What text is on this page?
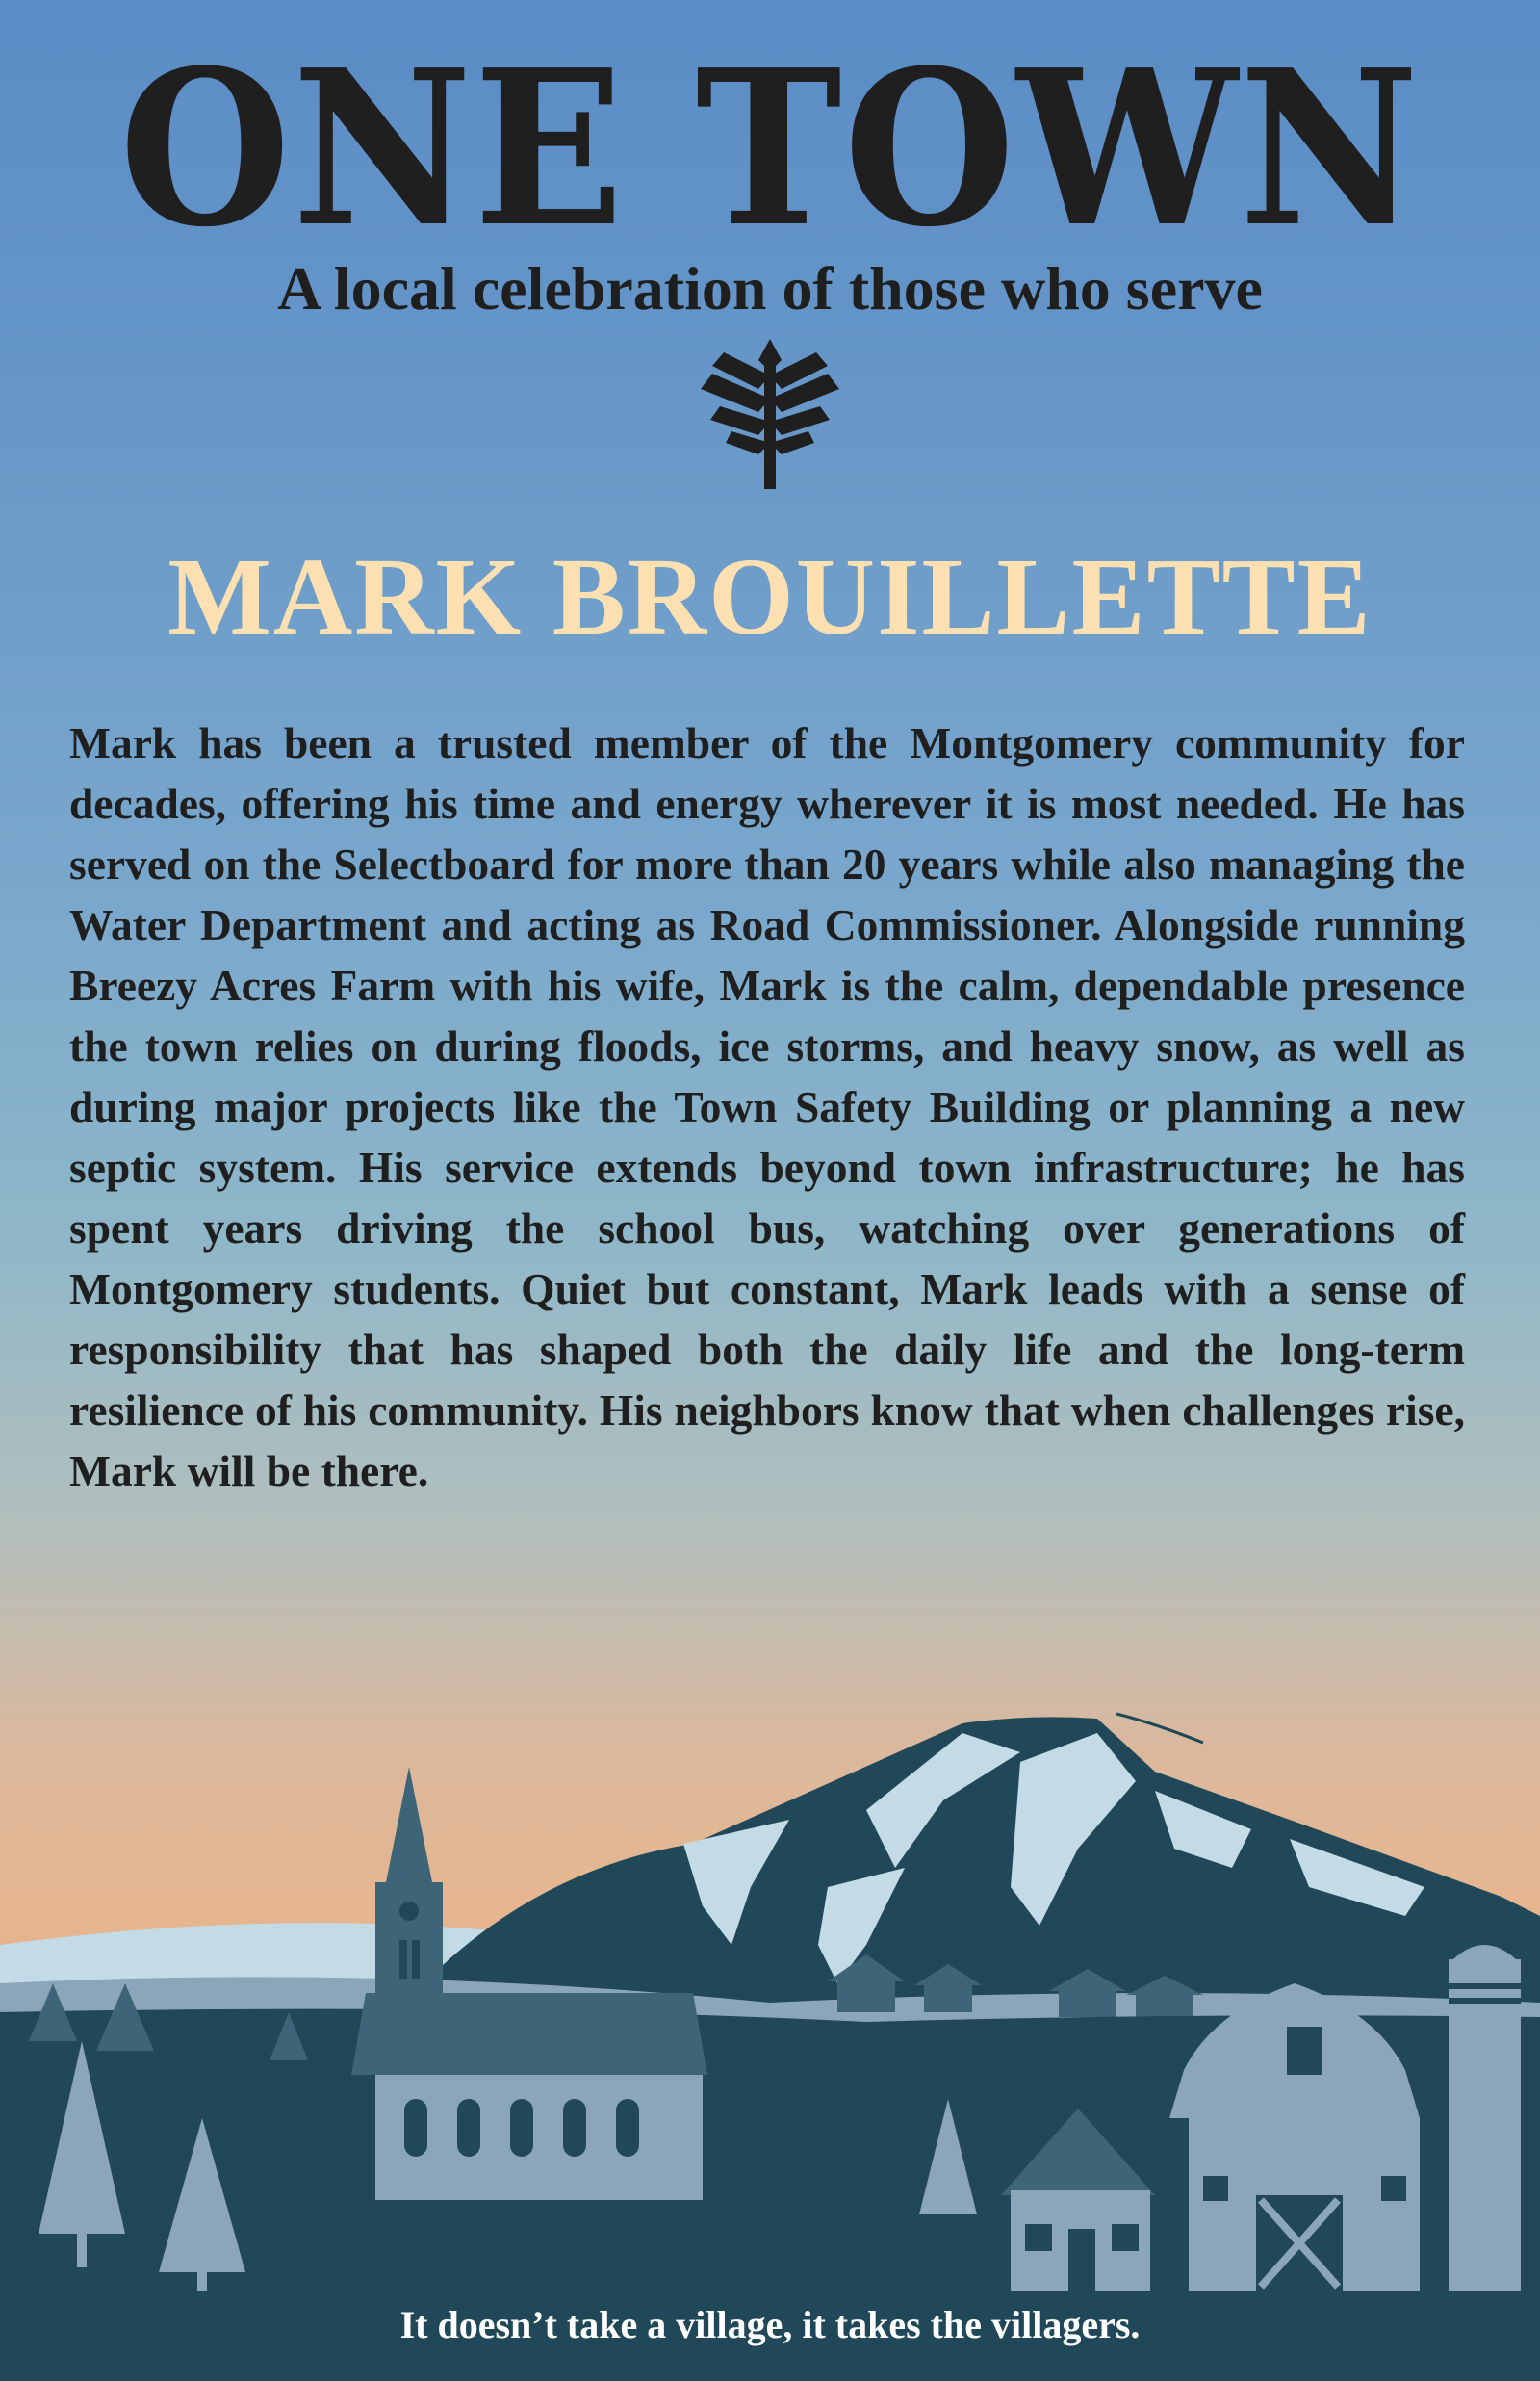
ONE TOWN
A local celebration of those who serve
MARK BROUILLETTE
Mark has been a trusted member of the Montgomery community for decades, offering his time and energy wherever it is most needed. He has served on the Selectboard for more than 20 years while also managing the Water Department and acting as Road Commissioner. Alongside running Breezy Acres Farm with his wife, Mark is the calm, dependable presence the town relies on during floods, ice storms, and heavy snow, as well as during major projects like the Town Safety Building or planning a new septic system. His service extends beyond town infrastructure; he has spent years driving the school bus, watching over generations of Montgomery students. Quiet but constant, Mark leads with a sense of responsibility that has shaped both the daily life and the long-term resilience of his community. His neighbors know that when challenges rise, Mark will be there.
It doesn’t take a village, it takes the villagers.
